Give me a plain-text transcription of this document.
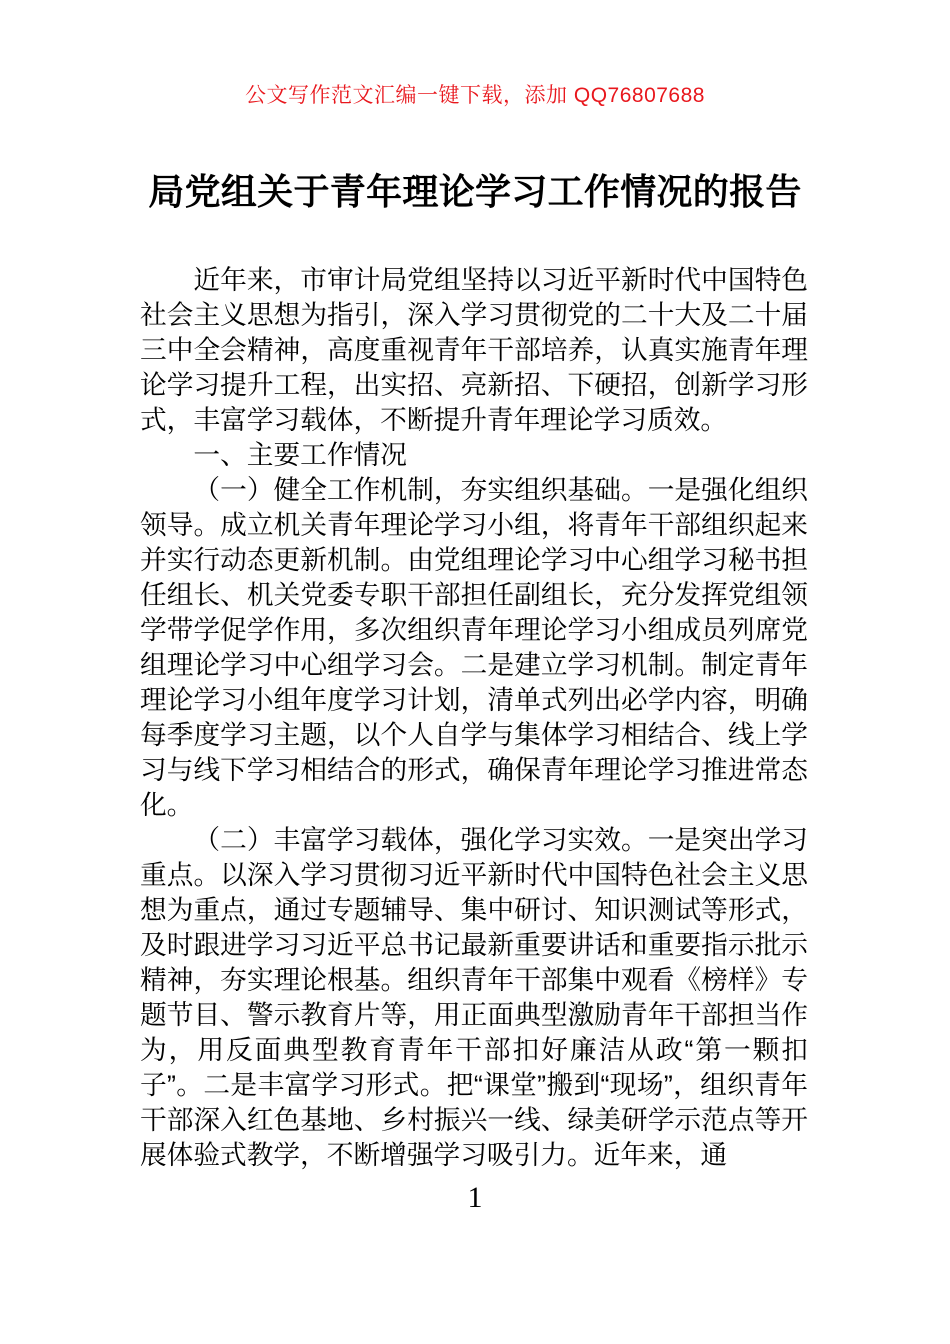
公文写作范文汇编一键下载，添加 QQ76807688
局党组关于青年理论学习工作情况的报告

近年来，市审计局党组坚持以习近平新时代中国特色社会主义思想为指引，深入学习贯彻党的二十大及二十届三中全会精神，高度重视青年干部培养，认真实施青年理论学习提升工程，出实招、亮新招、下硬招，创新学习形式，丰富学习载体，不断提升青年理论学习质效。

一、主要工作情况

（一）健全工作机制，夯实组织基础。一是强化组织领导。成立机关青年理论学习小组，将青年干部组织起来并实行动态更新机制。由党组理论学习中心组学习秘书担任组长、机关党委专职干部担任副组长，充分发挥党组领学带学促学作用，多次组织青年理论学习小组成员列席党组理论学习中心组学习会。二是建立学习机制。制定青年理论学习小组年度学习计划，清单式列出必学内容，明确每季度学习主题，以个人自学与集体学习相结合、线上学习与线下学习相结合的形式，确保青年理论学习推进常态化。

（二）丰富学习载体，强化学习实效。一是突出学习重点。以深入学习贯彻习近平新时代中国特色社会主义思想为重点，通过专题辅导、集中研讨、知识测试等形式，及时跟进学习习近平总书记最新重要讲话和重要指示批示精神，夯实理论根基。组织青年干部集中观看《榜样》专题节目、警示教育片等，用正面典型激励青年干部担当作为，用反面典型教育青年干部扣好廉洁从政“第一颗扣子”。二是丰富学习形式。把“课堂”搬到“现场”，组织青年干部深入红色基地、乡村振兴一线、绿美研学示范点等开展体验式教学，不断增强学习吸引力。近年来，通

1
